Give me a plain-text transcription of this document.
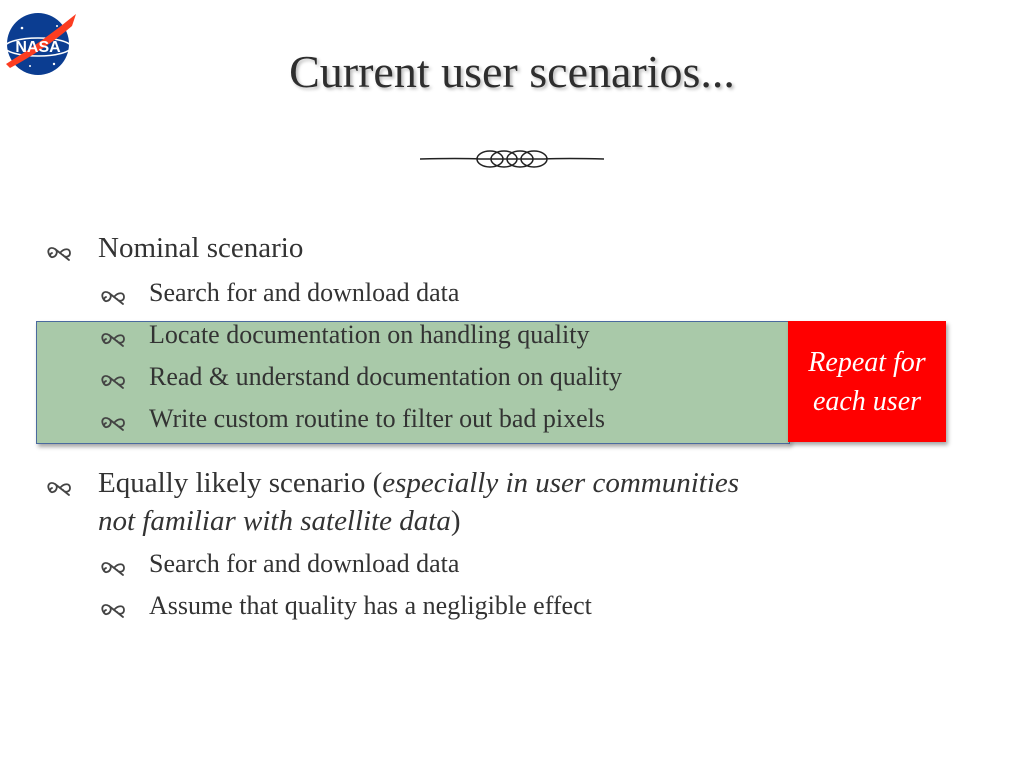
NASA	Current user scenarios...
Repeat for
each user
Nominal scenario
Search for and download data
Locate documentation on handling quality
Read & understand documentation on quality
Write custom routine to filter out bad pixels
Equally likely scenario (especially in user communities
not familiar with satellite data)
Search for and download data
Assume that quality has a negligible effect
